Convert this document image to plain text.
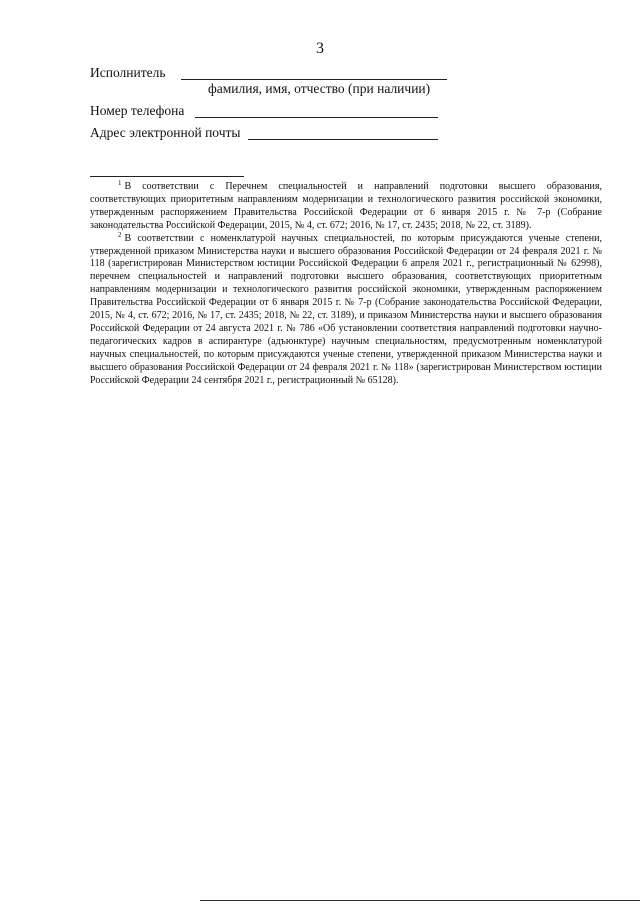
3
Исполнитель
фамилия, имя, отчество (при наличии)
Номер телефона
Адрес электронной почты

$^1$ В соответствии с Перечнем специальностей и направлений подготовки высшего образования, соответствующих приоритетным направлениям модернизации и технологического развития российской экономики, утвержденным распоряжением Правительства Российской Федерации от 6 января 2015 г. № 7-р (Собрание законодательства Российской Федерации, 2015, № 4, ст. 672; 2016, № 17, ст. 2435; 2018, № 22, ст. 3189).

$^2$ В соответствии с номенклатурой научных специальностей, по которым присуждаются ученые степени, утвержденной приказом Министерства науки и высшего образования Российской Федерации от 24 февраля 2021 г. № 118 (зарегистрирован Министерством юстиции Российской Федерации 6 апреля 2021 г., регистрационный № 62998), перечнем специальностей и направлений подготовки высшего образования, соответствующих приоритетным направлениям модернизации и технологического развития российской экономики, утвержденным распоряжением Правительства Российской Федерации от 6 января 2015 г. № 7-р (Собрание законодательства Российской Федерации, 2015, № 4, ст. 672; 2016, № 17, ст. 2435; 2018, № 22, ст. 3189), и приказом Министерства науки и высшего образования Российской Федерации от 24 августа 2021 г. № 786 «Об установлении соответствия направлений подготовки научно-педагогических кадров в аспирантуре (адъюнктуре) научным специальностям, предусмотренным номенклатурой научных специальностей, по которым присуждаются ученые степени, утвержденной приказом Министерства науки и высшего образования Российской Федерации от 24 февраля 2021 г. № 118» (зарегистрирован Министерством юстиции Российской Федерации 24 сентября 2021 г., регистрационный № 65128).
